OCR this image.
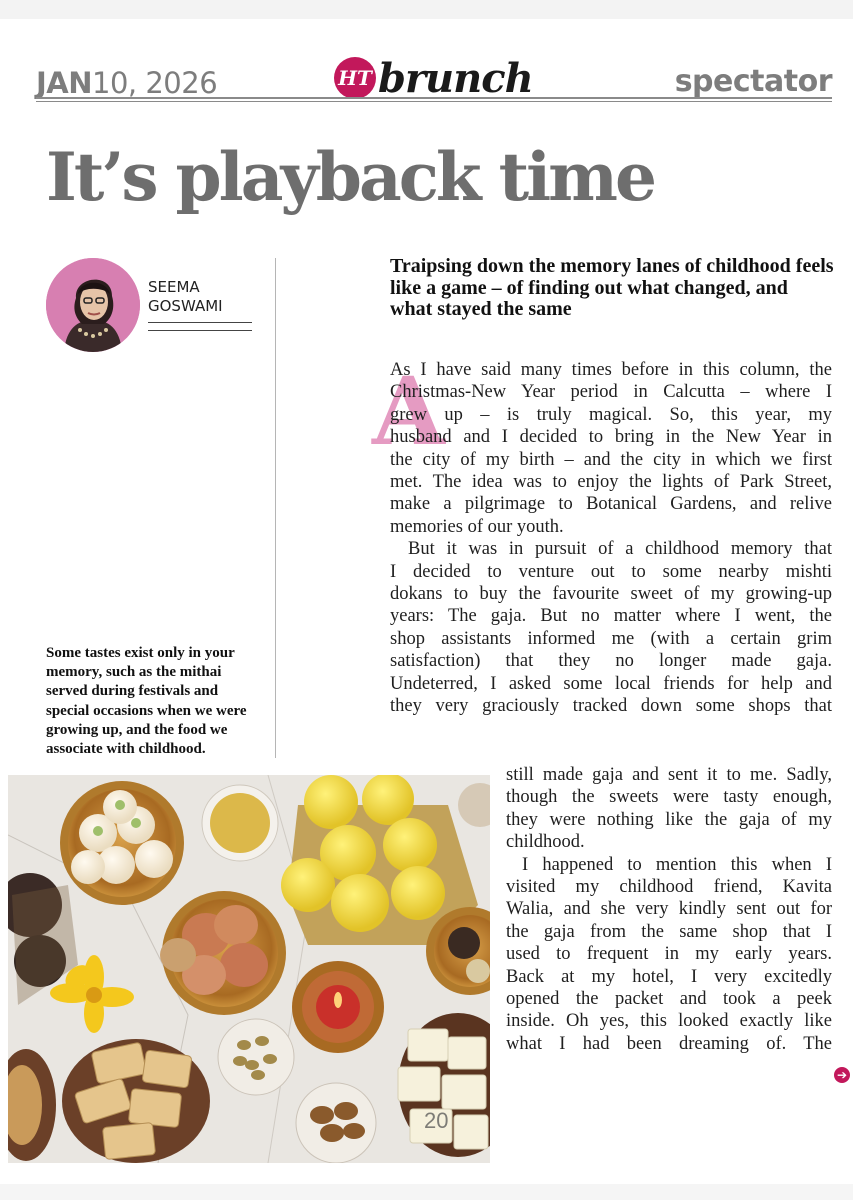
JAN10, 2026	HT brunch	spectator
It’s playback time
SEEMA
GOSWAMI
Some tastes exist only in your memory, such as the mithai served during festivals and special occasions when we were growing up, and the food we associate with childhood.
Traipsing down the memory lanes of childhood feels like a game – of finding out what changed, and what stayed the same
A
As I have said many times before in this column, the
Christmas-New Year period in Calcutta – where I
grew up – is truly magical. So, this year, my
husband and I decided to bring in the New Year in
the city of my birth – and the city in which we first
met. The idea was to enjoy the lights of Park Street,
make a pilgrimage to Botanical Gardens, and relive
memories of our youth.
But it was in pursuit of a childhood memory that
I decided to venture out to some nearby mishti
dokans to buy the favourite sweet of my growing-up
years: The gaja. But no matter where I went, the
shop assistants informed me (with a certain grim
satisfaction) that they no longer made gaja.
Undeterred, I asked some local friends for help and
they very graciously tracked down some shops that
still made gaja and sent it to me. Sadly,
though the sweets were tasty enough,
they were nothing like the gaja of my
childhood.
I happened to mention this when I
visited my childhood friend, Kavita
Walia, and she very kindly sent out for
the gaja from the same shop that I
used to frequent in my early years.
Back at my hotel, I very excitedly
opened the packet and took a peek
inside. Oh yes, this looked exactly like
what I had been dreaming of. The
20
➔
